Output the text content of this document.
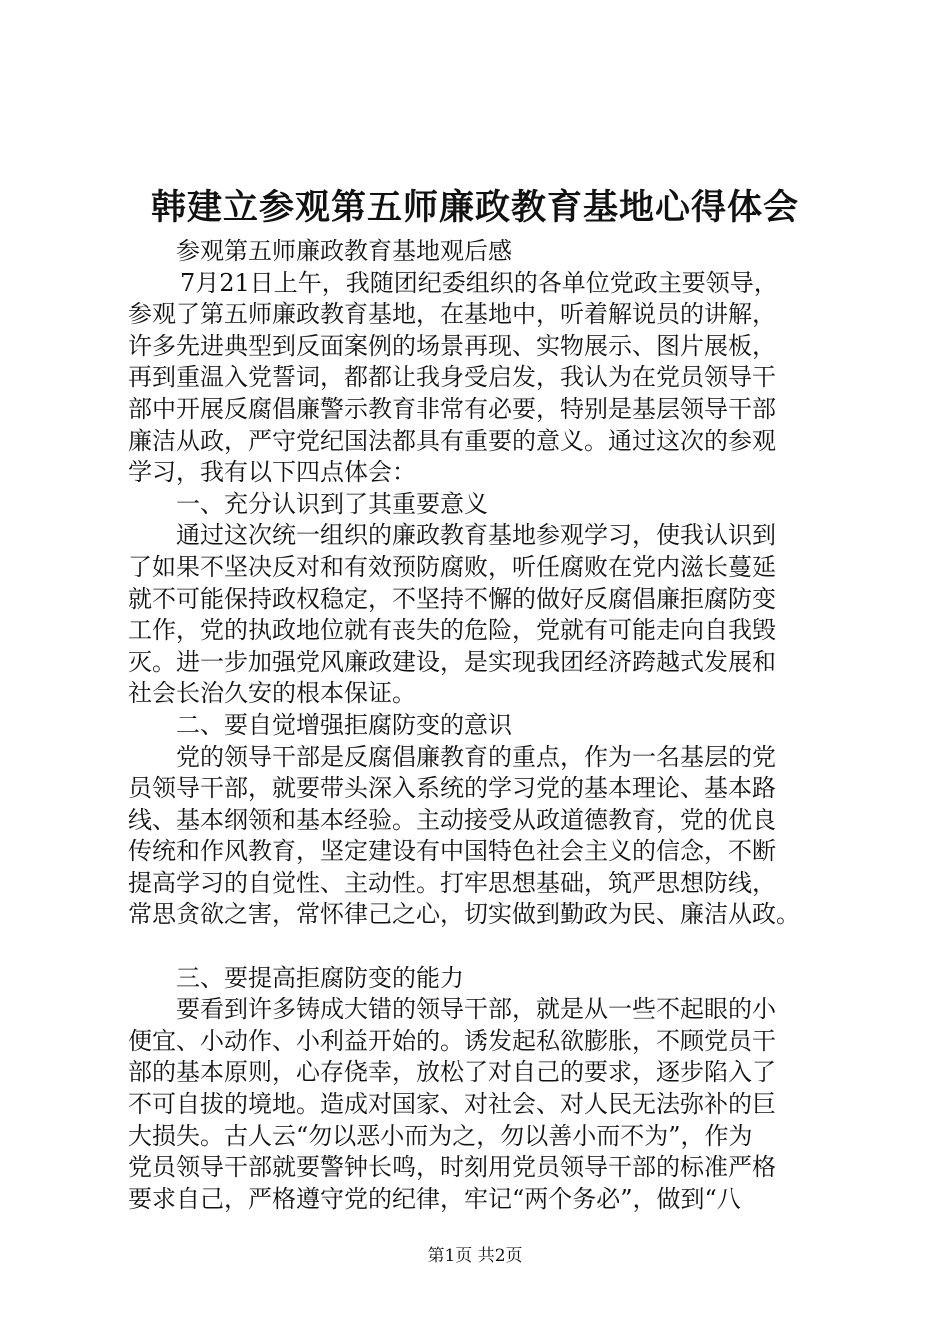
韩建立参观第五师廉政教育基地心得体会
参观第五师廉政教育基地观后感
7月21日上午，我随团纪委组织的各单位党政主要领导，
参观了第五师廉政教育基地，在基地中，听着解说员的讲解，
许多先进典型到反面案例的场景再现、实物展示、图片展板，
再到重温入党誓词，都都让我身受启发，我认为在党员领导干
部中开展反腐倡廉警示教育非常有必要，特别是基层领导干部
廉洁从政，严守党纪国法都具有重要的意义。通过这次的参观
学习，我有以下四点体会：
一、充分认识到了其重要意义
通过这次统一组织的廉政教育基地参观学习，使我认识到
了如果不坚决反对和有效预防腐败，听任腐败在党内滋长蔓延
就不可能保持政权稳定，不坚持不懈的做好反腐倡廉拒腐防变
工作，党的执政地位就有丧失的危险，党就有可能走向自我毁
灭。进一步加强党风廉政建设，是实现我团经济跨越式发展和
社会长治久安的根本保证。
二、要自觉增强拒腐防变的意识
党的领导干部是反腐倡廉教育的重点，作为一名基层的党
员领导干部，就要带头深入系统的学习党的基本理论、基本路
线、基本纲领和基本经验。主动接受从政道德教育，党的优良
传统和作风教育，坚定建设有中国特色社会主义的信念，不断
提高学习的自觉性、主动性。打牢思想基础，筑严思想防线，
常思贪欲之害，常怀律己之心，切实做到勤政为民、廉洁从政。
三、要提高拒腐防变的能力
要看到许多铸成大错的领导干部，就是从一些不起眼的小
便宜、小动作、小利益开始的。诱发起私欲膨胀，不顾党员干
部的基本原则，心存侥幸，放松了对自己的要求，逐步陷入了
不可自拔的境地。造成对国家、对社会、对人民无法弥补的巨
大损失。古人云“勿以恶小而为之，勿以善小而不为”，作为
党员领导干部就要警钟长鸣，时刻用党员领导干部的标准严格
要求自己，严格遵守党的纪律，牢记“两个务必”，做到“八
第1页 共2页
